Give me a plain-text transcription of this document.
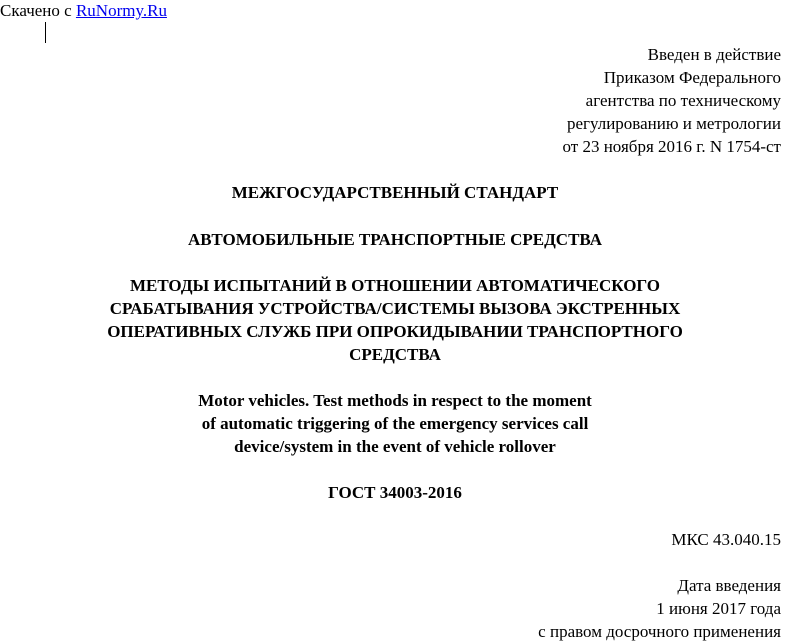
Скачено с RuNormy.Ru
Введен в действие
Приказом Федерального
агентства по техническому
регулированию и метрологии
от 23 ноября 2016 г. N 1754-ст
МЕЖГОСУДАРСТВЕННЫЙ СТАНДАРТ
АВТОМОБИЛЬНЫЕ ТРАНСПОРТНЫЕ СРЕДСТВА
МЕТОДЫ ИСПЫТАНИЙ В ОТНОШЕНИИ АВТОМАТИЧЕСКОГО
СРАБАТЫВАНИЯ УСТРОЙСТВА/СИСТЕМЫ ВЫЗОВА ЭКСТРЕННЫХ
ОПЕРАТИВНЫХ СЛУЖБ ПРИ ОПРОКИДЫВАНИИ ТРАНСПОРТНОГО
СРЕДСТВА
Motor vehicles. Test methods in respect to the moment
of automatic triggering of the emergency services call
device/system in the event of vehicle rollover
ГОСТ 34003-2016
МКС 43.040.15
Дата введения
1 июня 2017 года
с правом досрочного применения
